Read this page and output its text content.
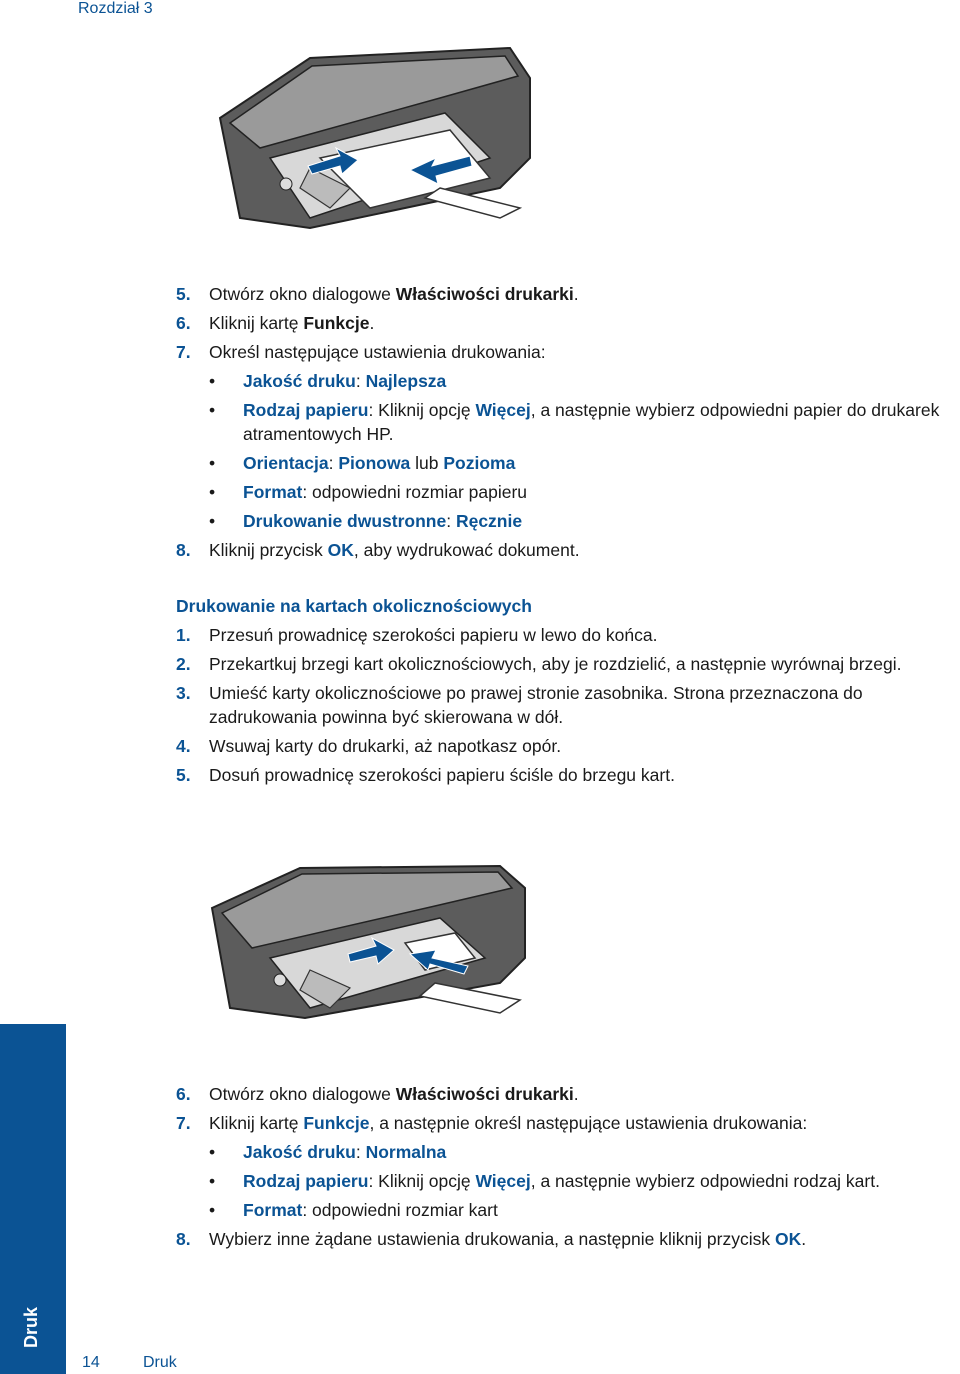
Rozdział 3
5. Otwórz okno dialogowe Właściwości drukarki.
6. Kliknij kartę Funkcje.
7. Określ następujące ustawienia drukowania:
• Jakość druku: Najlepsza
• Rodzaj papieru: Kliknij opcję Więcej, a następnie wybierz odpowiedni papier do drukarek atramentowych HP.
• Orientacja: Pionowa lub Pozioma
• Format: odpowiedni rozmiar papieru
• Drukowanie dwustronne: Ręcznie
8. Kliknij przycisk OK, aby wydrukować dokument.
Drukowanie na kartach okolicznościowych
1. Przesuń prowadnicę szerokości papieru w lewo do końca.
2. Przekartkuj brzegi kart okolicznościowych, aby je rozdzielić, a następnie wyrównaj brzegi.
3. Umieść karty okolicznościowe po prawej stronie zasobnika. Strona przeznaczona do zadrukowania powinna być skierowana w dół.
4. Wsuwaj karty do drukarki, aż napotkasz opór.
5. Dosuń prowadnicę szerokości papieru ściśle do brzegu kart.
6. Otwórz okno dialogowe Właściwości drukarki.
7. Kliknij kartę Funkcje, a następnie określ następujące ustawienia drukowania:
• Jakość druku: Normalna
• Rodzaj papieru: Kliknij opcję Więcej, a następnie wybierz odpowiedni rodzaj kart.
• Format: odpowiedni rozmiar kart
8. Wybierz inne żądane ustawienia drukowania, a następnie kliknij przycisk OK.
Druk
14	Druk
